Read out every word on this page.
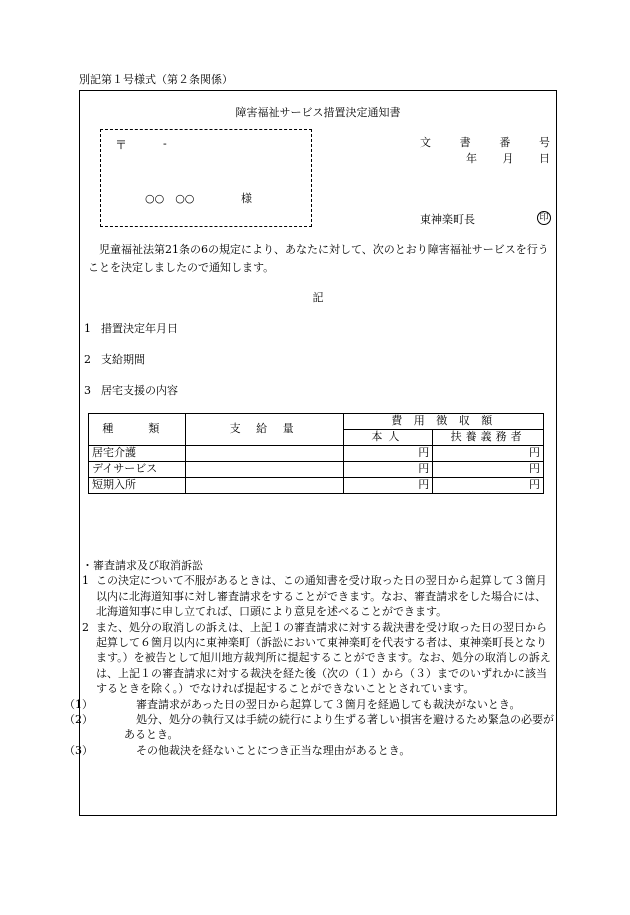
別記第１号様式（第２条関係）
障害福祉サービス措置決定通知書
〒	-
○○　○○	様
文書番号
年月日
東神楽町長	印
児童福祉法第21条の6の規定により、あなたに対して、次のとおり障害福祉サービスを行うことを決定しましたので通知します。
記
1 措置決定年月日
2 支給期間
3 居宅支援の内容
種　類	支 給 量	費 用 徴 収 額	
		本人	扶養義務者
居宅介護		円	円
デイサービス		円	円
短期入所		円	円
・審査請求及び取消訴訟
1 この決定について不服があるときは、この通知書を受け取った日の翌日から起算して３箇月以内に北海道知事に対し審査請求をすることができます。なお、審査請求をした場合には、北海道知事に申し立てれば、口頭により意見を述べることができます。
2 また、処分の取消しの訴えは、上記１の審査請求に対する裁決書を受け取った日の翌日から起算して６箇月以内に東神楽町（訴訟において東神楽町を代表する者は、東神楽町長となります。）を被告として旭川地方裁判所に提起することができます。なお、処分の取消しの訴えは、上記１の審査請求に対する裁決を経た後（次の（１）から（３）までのいずれかに該当するときを除く。）でなければ提起することができないこととされています。
（1）	審査請求があった日の翌日から起算して３箇月を経過しても裁決がないとき。
（2）	処分、処分の執行又は手続の続行により生ずる著しい損害を避けるため緊急の必要があるとき。
（3）	その他裁決を経ないことにつき正当な理由があるとき。
